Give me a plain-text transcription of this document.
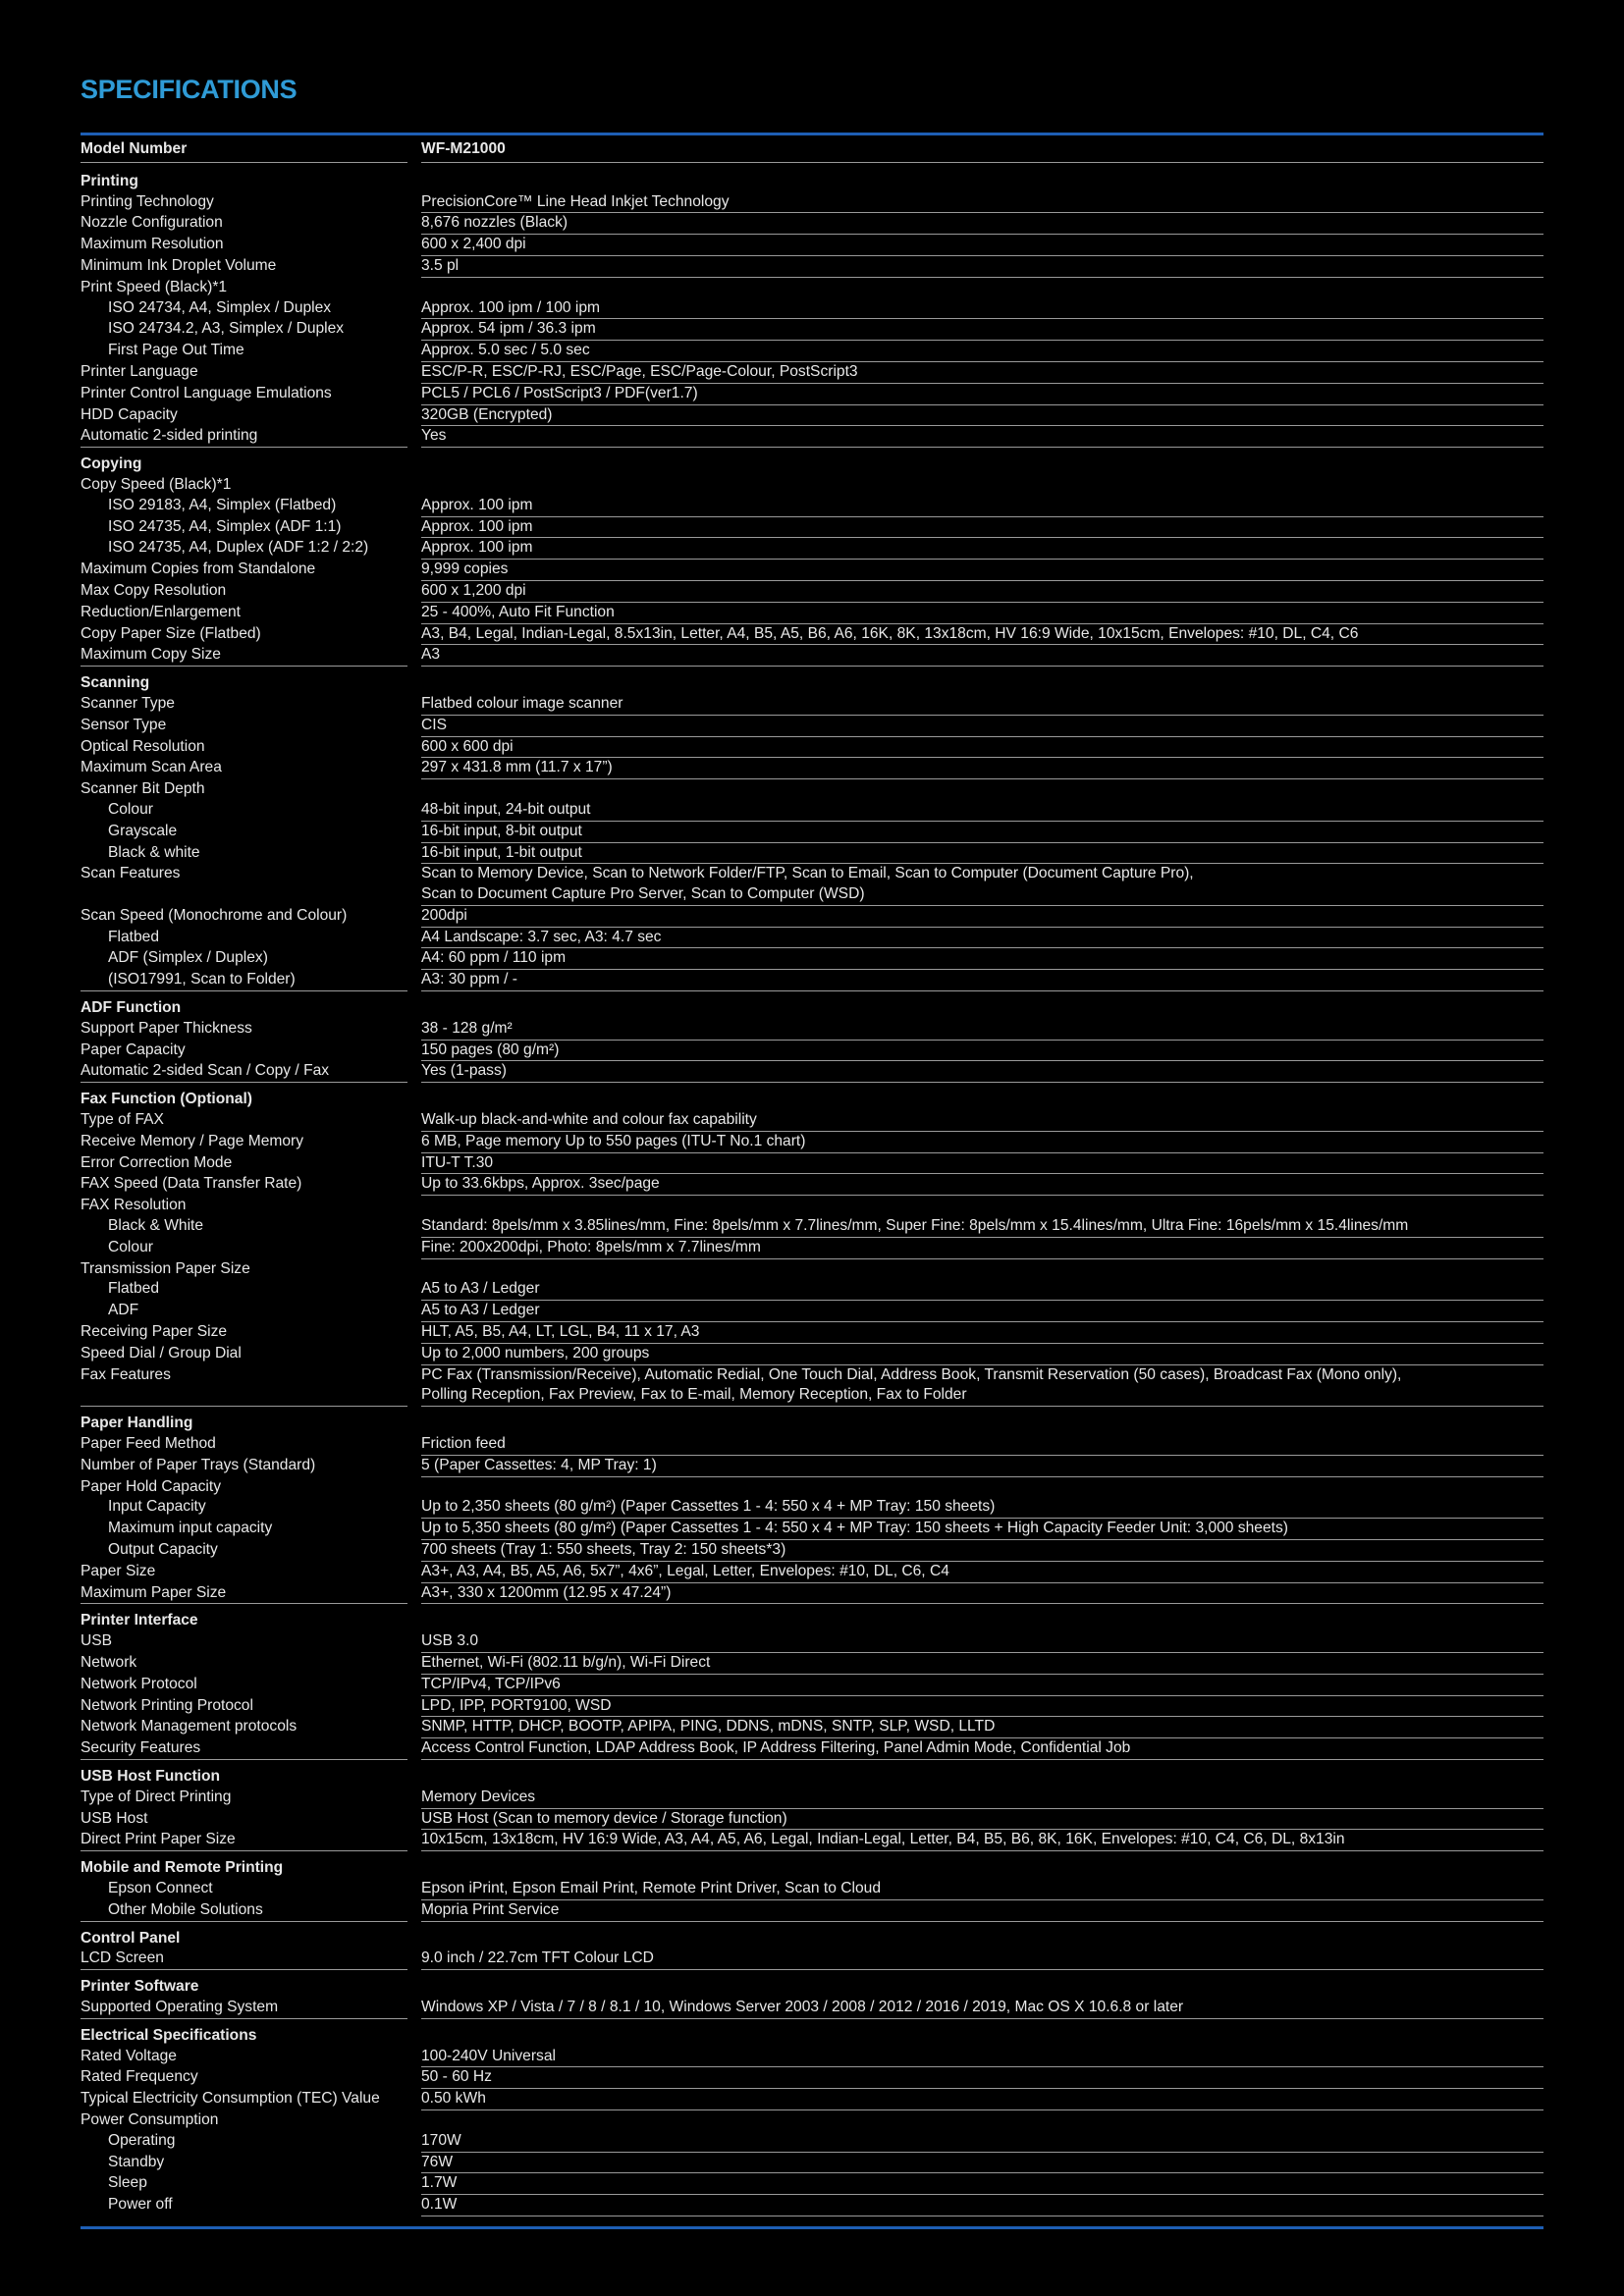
SPECIFICATIONS
Model Number	WF-M21000
Printing
Printing Technology	PrecisionCore™ Line Head Inkjet Technology
Nozzle Configuration	8,676 nozzles (Black)
Maximum Resolution	600 x 2,400 dpi
Minimum Ink Droplet Volume	3.5 pl
Print Speed (Black)*1
ISO 24734, A4, Simplex / Duplex	Approx. 100 ipm / 100 ipm
ISO 24734.2, A3, Simplex / Duplex	Approx. 54 ipm / 36.3 ipm
First Page Out Time	Approx. 5.0 sec / 5.0 sec
Printer Language	ESC/P-R, ESC/P-RJ, ESC/Page, ESC/Page-Colour, PostScript3
Printer Control Language Emulations	PCL5 / PCL6 / PostScript3 / PDF(ver1.7)
HDD Capacity	320GB (Encrypted)
Automatic 2-sided printing	Yes
Copying
Copy Speed (Black)*1
ISO 29183, A4, Simplex (Flatbed)	Approx. 100 ipm
ISO 24735, A4, Simplex (ADF 1:1)	Approx. 100 ipm
ISO 24735, A4, Duplex (ADF 1:2 / 2:2)	Approx. 100 ipm
Maximum Copies from Standalone	9,999 copies
Max Copy Resolution	600 x 1,200 dpi
Reduction/Enlargement	25 - 400%, Auto Fit Function
Copy Paper Size (Flatbed)	A3, B4, Legal, Indian-Legal, 8.5x13in, Letter, A4, B5, A5, B6, A6, 16K, 8K, 13x18cm, HV 16:9 Wide, 10x15cm, Envelopes: #10, DL, C4, C6
Maximum Copy Size	A3
Scanning
Scanner Type	Flatbed colour image scanner
Sensor Type	CIS
Optical Resolution	600 x 600 dpi
Maximum Scan Area	297 x 431.8 mm (11.7 x 17”)
Scanner Bit Depth
Colour	48-bit input, 24-bit output
Grayscale	16-bit input, 8-bit output
Black & white	16-bit input, 1-bit output
Scan Features	Scan to Memory Device, Scan to Network Folder/FTP, Scan to Email, Scan to Computer (Document Capture Pro),
Scan to Document Capture Pro Server, Scan to Computer (WSD)
Scan Speed (Monochrome and Colour)	200dpi
Flatbed	A4 Landscape: 3.7 sec, A3: 4.7 sec
ADF (Simplex / Duplex)	A4: 60 ppm / 110 ipm
(ISO17991, Scan to Folder)	A3: 30 ppm / -
ADF Function
Support Paper Thickness	38 - 128 g/m²
Paper Capacity	150 pages (80 g/m²)
Automatic 2-sided Scan / Copy / Fax	Yes (1-pass)
Fax Function (Optional)
Type of FAX	Walk-up black-and-white and colour fax capability
Receive Memory / Page Memory	6 MB, Page memory Up to 550 pages (ITU-T No.1 chart)
Error Correction Mode	ITU-T T.30
FAX Speed (Data Transfer Rate)	Up to 33.6kbps, Approx. 3sec/page
FAX Resolution
Black & White	Standard: 8pels/mm x 3.85lines/mm, Fine: 8pels/mm x 7.7lines/mm, Super Fine: 8pels/mm x 15.4lines/mm, Ultra Fine: 16pels/mm x 15.4lines/mm
Colour	Fine: 200x200dpi, Photo: 8pels/mm x 7.7lines/mm
Transmission Paper Size
Flatbed	A5 to A3 / Ledger
ADF	A5 to A3 / Ledger
Receiving Paper Size	HLT, A5, B5, A4, LT, LGL, B4, 11 x 17, A3
Speed Dial / Group Dial	Up to 2,000 numbers, 200 groups
Fax Features	PC Fax (Transmission/Receive), Automatic Redial, One Touch Dial, Address Book, Transmit Reservation (50 cases), Broadcast Fax (Mono only),
Polling Reception, Fax Preview, Fax to E-mail, Memory Reception, Fax to Folder
Paper Handling
Paper Feed Method	Friction feed
Number of Paper Trays (Standard)	5 (Paper Cassettes: 4, MP Tray: 1)
Paper Hold Capacity
Input Capacity	Up to 2,350 sheets (80 g/m²) (Paper Cassettes 1 - 4: 550 x 4 + MP Tray: 150 sheets)
Maximum input capacity	Up to 5,350 sheets (80 g/m²) (Paper Cassettes 1 - 4: 550 x 4 + MP Tray: 150 sheets + High Capacity Feeder Unit: 3,000 sheets)
Output Capacity	700 sheets (Tray 1: 550 sheets, Tray 2: 150 sheets*3)
Paper Size	A3+, A3, A4, B5, A5, A6, 5x7”, 4x6”, Legal, Letter, Envelopes: #10, DL, C6, C4
Maximum Paper Size	A3+, 330 x 1200mm (12.95 x 47.24”)
Printer Interface
USB	USB 3.0
Network	Ethernet, Wi-Fi (802.11 b/g/n), Wi-Fi Direct
Network Protocol	TCP/IPv4, TCP/IPv6
Network Printing Protocol	LPD, IPP, PORT9100, WSD
Network Management protocols	SNMP, HTTP, DHCP, BOOTP, APIPA, PING, DDNS, mDNS, SNTP, SLP, WSD, LLTD
Security Features	Access Control Function, LDAP Address Book, IP Address Filtering, Panel Admin Mode, Confidential Job
USB Host Function
Type of Direct Printing	Memory Devices
USB Host	USB Host (Scan to memory device / Storage function)
Direct Print Paper Size	10x15cm, 13x18cm, HV 16:9 Wide, A3, A4, A5, A6, Legal, Indian-Legal, Letter, B4, B5, B6, 8K, 16K, Envelopes: #10, C4, C6, DL, 8x13in
Mobile and Remote Printing
Epson Connect	Epson iPrint, Epson Email Print, Remote Print Driver, Scan to Cloud
Other Mobile Solutions	Mopria Print Service
Control Panel
LCD Screen	9.0 inch / 22.7cm TFT Colour LCD
Printer Software
Supported Operating System	Windows XP / Vista / 7 / 8 / 8.1 / 10, Windows Server 2003 / 2008 / 2012 / 2016 / 2019, Mac OS X 10.6.8 or later
Electrical Specifications
Rated Voltage	100-240V Universal
Rated Frequency	50 - 60 Hz
Typical Electricity Consumption (TEC) Value	0.50 kWh
Power Consumption
Operating	170W
Standby	76W
Sleep	1.7W
Power off	0.1W
